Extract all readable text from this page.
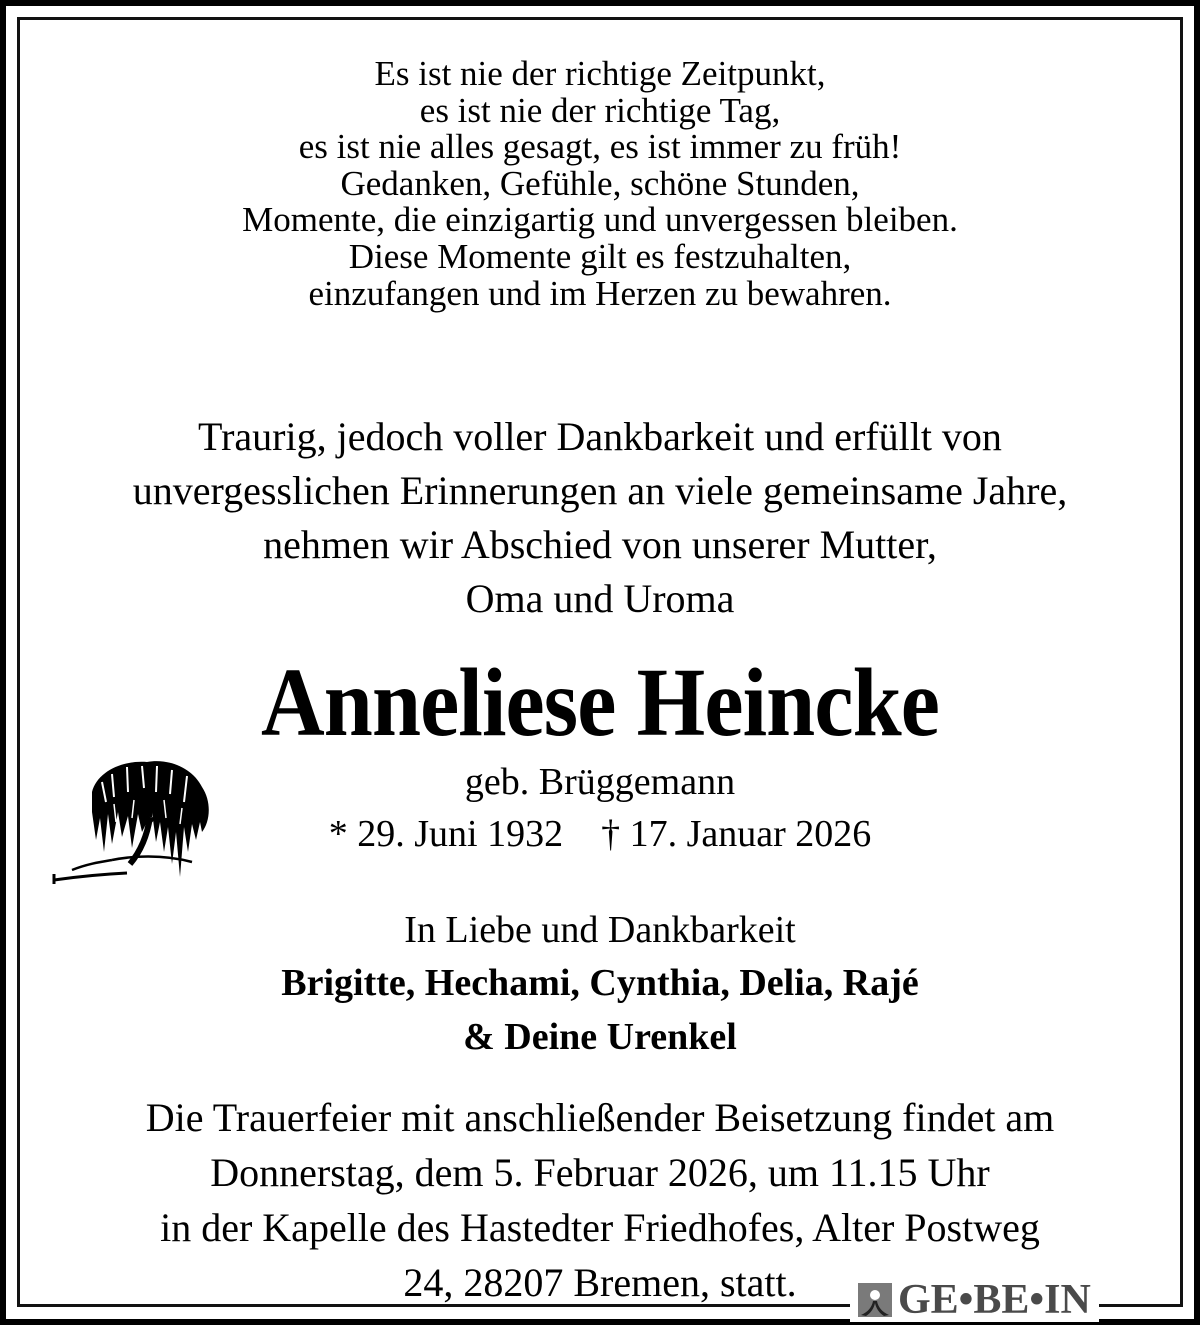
Es ist nie der richtige Zeitpunkt,
es ist nie der richtige Tag,
es ist nie alles gesagt, es ist immer zu früh!
Gedanken, Gefühle, schöne Stunden,
Momente, die einzigartig und unvergessen bleiben.
Diese Momente gilt es festzuhalten,
einzufangen und im Herzen zu bewahren.
Traurig, jedoch voller Dankbarkeit und erfüllt von
unvergesslichen Erinnerungen an viele gemeinsame Jahre,
nehmen wir Abschied von unserer Mutter,
Oma und Uroma
Anneliese Heincke
geb. Brüggemann
* 29. Juni 1932 † 17. Januar 2026
In Liebe und Dankbarkeit
Brigitte, Hechami, Cynthia, Delia, Rajé
& Deine Urenkel
Die Trauerfeier mit anschließender Beisetzung findet am
Donnerstag, dem 5. Februar 2026, um 11.15 Uhr
in der Kapelle des Hastedter Friedhofes, Alter Postweg
24, 28207 Bremen, statt.	GE•BE•IN
